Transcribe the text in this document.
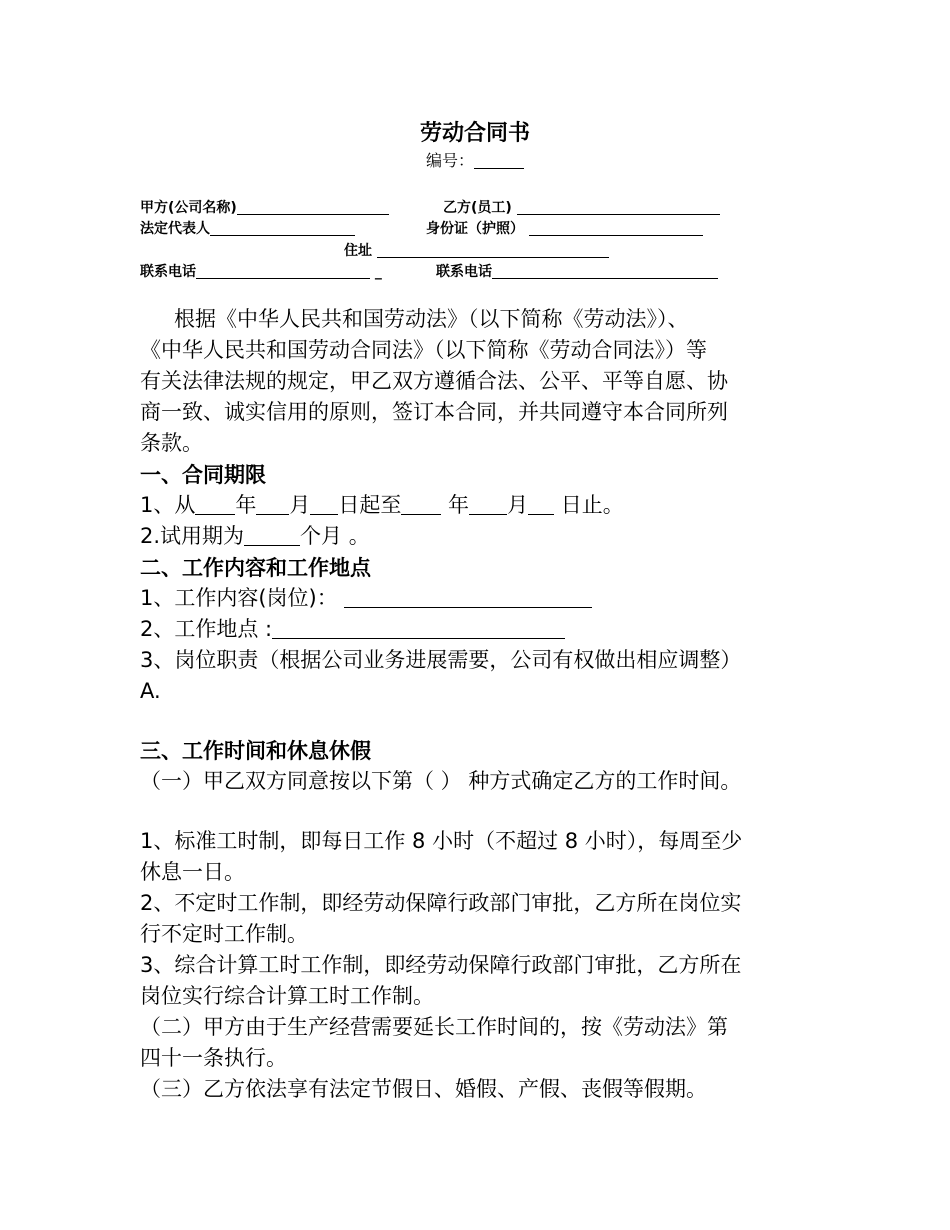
劳动合同书
编号：
甲方(公司名称)	乙方(员工)
法定代表人	身份证（护照）
住址
联系电话	_	联系电话
根据《中华人民共和国劳动法》（以下简称《劳动法》）、
《中华人民共和国劳动合同法》（以下简称《劳动合同法》）等
有关法律法规的规定，甲乙双方遵循合法、公平、平等自愿、协
商一致、诚实信用的原则，签订本合同，并共同遵守本合同所列
条款。
一、合同期限
1、从 年 月 日起至 年 月 日止。
2.试用期为	个月 。
二、工作内容和工作地点
1、工作内容(岗位)：
2、工作地点 :
3、岗位职责（根据公司业务进展需要，公司有权做出相应调整）
A.
三、工作时间和休息休假
（一）甲乙双方同意按以下第（ ） 种方式确定乙方的工作时间。
1、标准工时制，即每日工作 8 小时（不超过 8 小时），每周至少
休息一日。
2、不定时工作制，即经劳动保障行政部门审批，乙方所在岗位实
行不定时工作制。
3、综合计算工时工作制，即经劳动保障行政部门审批，乙方所在
岗位实行综合计算工时工作制。
（二）甲方由于生产经营需要延长工作时间的，按《劳动法》第
四十一条执行。
（三）乙方依法享有法定节假日、婚假、产假、丧假等假期。
